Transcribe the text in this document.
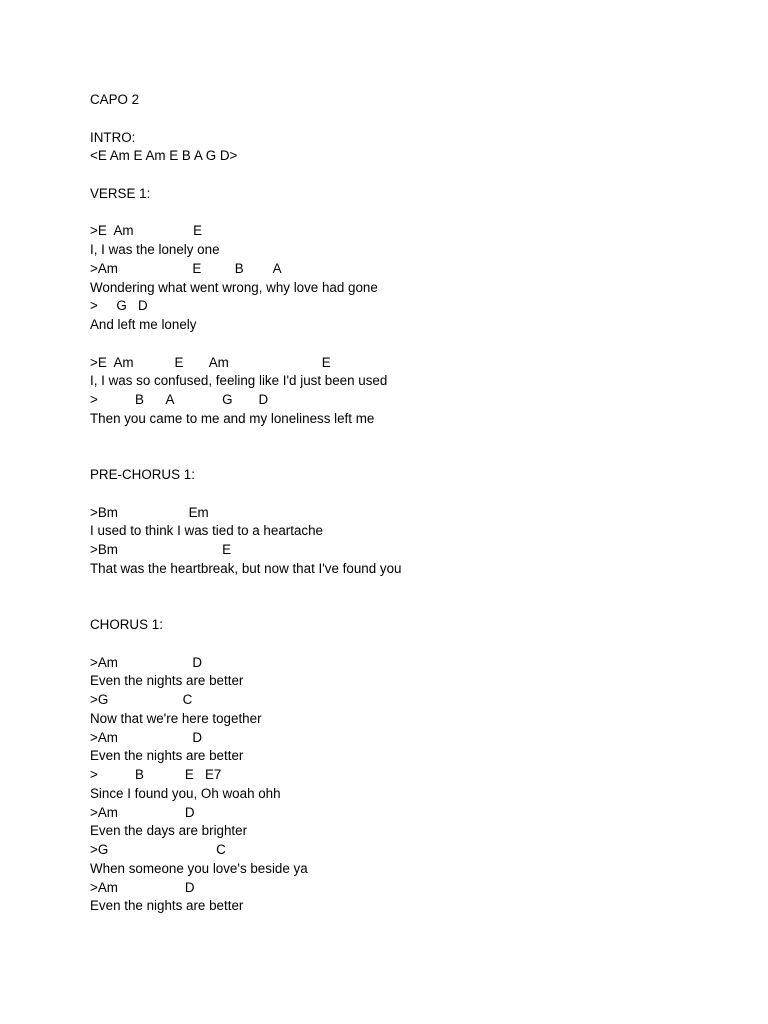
CAPO 2
INTRO:
<E Am E Am E B A G D>
VERSE 1:
>E  Am                E
I, I was the lonely one
>Am                    E         B        A
Wondering what went wrong, why love had gone
>     G   D
And left me lonely
>E  Am           E       Am                         E
I, I was so confused, feeling like I'd just been used
>          B      A             G       D
Then you came to me and my loneliness left me
PRE-CHORUS 1:
>Bm                   Em
I used to think I was tied to a heartache
>Bm                            E
That was the heartbreak, but now that I've found you
CHORUS 1:
>Am                    D
Even the nights are better
>G                    C
Now that we're here together
>Am                    D
Even the nights are better
>          B           E   E7
Since I found you, Oh woah ohh
>Am                  D
Even the days are brighter
>G                             C
When someone you love's beside ya
>Am                  D
Even the nights are better
